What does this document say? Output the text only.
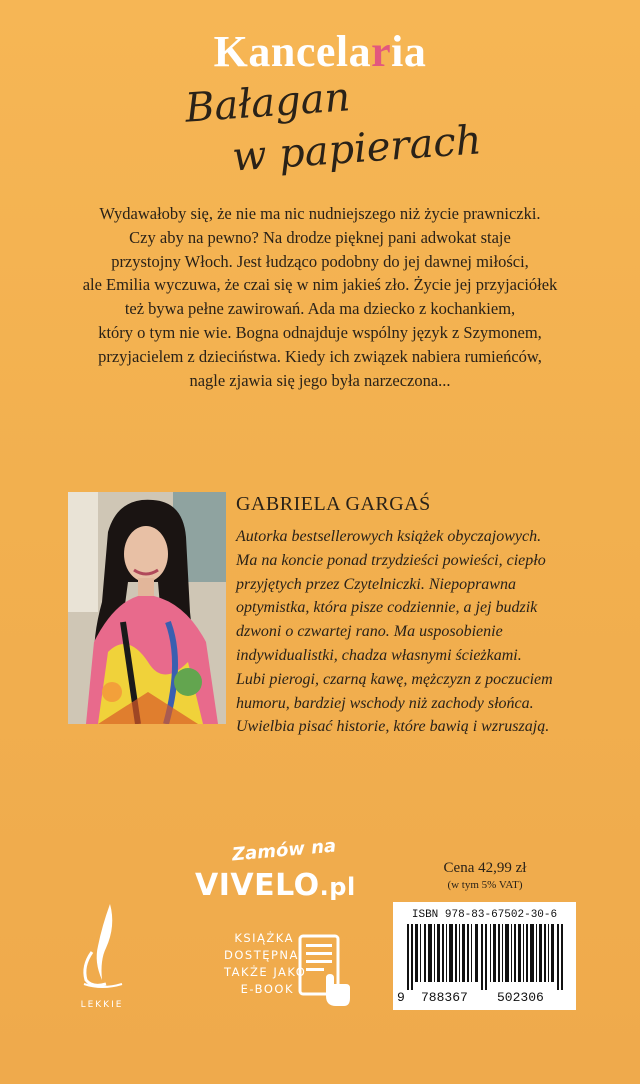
Kancelaria
Bałagan
w papierach
Wydawałoby się, że nie ma nic nudniejszego niż życie prawniczki.
Czy aby na pewno? Na drodze pięknej pani adwokat staje
przystojny Włoch. Jest łudząco podobny do jej dawnej miłości,
ale Emilia wyczuwa, że czai się w nim jakieś zło. Życie jej przyjaciółek
też bywa pełne zawirowań. Ada ma dziecko z kochankiem,
który o tym nie wie. Bogna odnajduje wspólny język z Szymonem,
przyjacielem z dzieciństwa. Kiedy ich związek nabiera rumieńców,
nagle zjawia się jego była narzeczona...
GABRIELA GARGAŚ
Autorka bestsellerowych książek obyczajowych.
Ma na koncie ponad trzydzieści powieści, ciepło
przyjętych przez Czytelniczki. Niepoprawna
optymistka, która pisze codziennie, a jej budzik
dzwoni o czwartej rano. Ma usposobienie
indywidualistki, chadza własnymi ścieżkami.
Lubi pierogi, czarną kawę, mężczyzn z poczuciem
humoru, bardziej wschody niż zachody słońca.
Uwielbia pisać historie, które bawią i wzruszają.
Zamów na
VIVELO.pl
Cena 42,99 zł
(w tym 5% VAT)
ISBN 978-83-67502-30-6
9 788367 502306
LEKKIE
KSIĄŻKA
DOSTĘPNA
TAKŻE JAKO
E-BOOK
